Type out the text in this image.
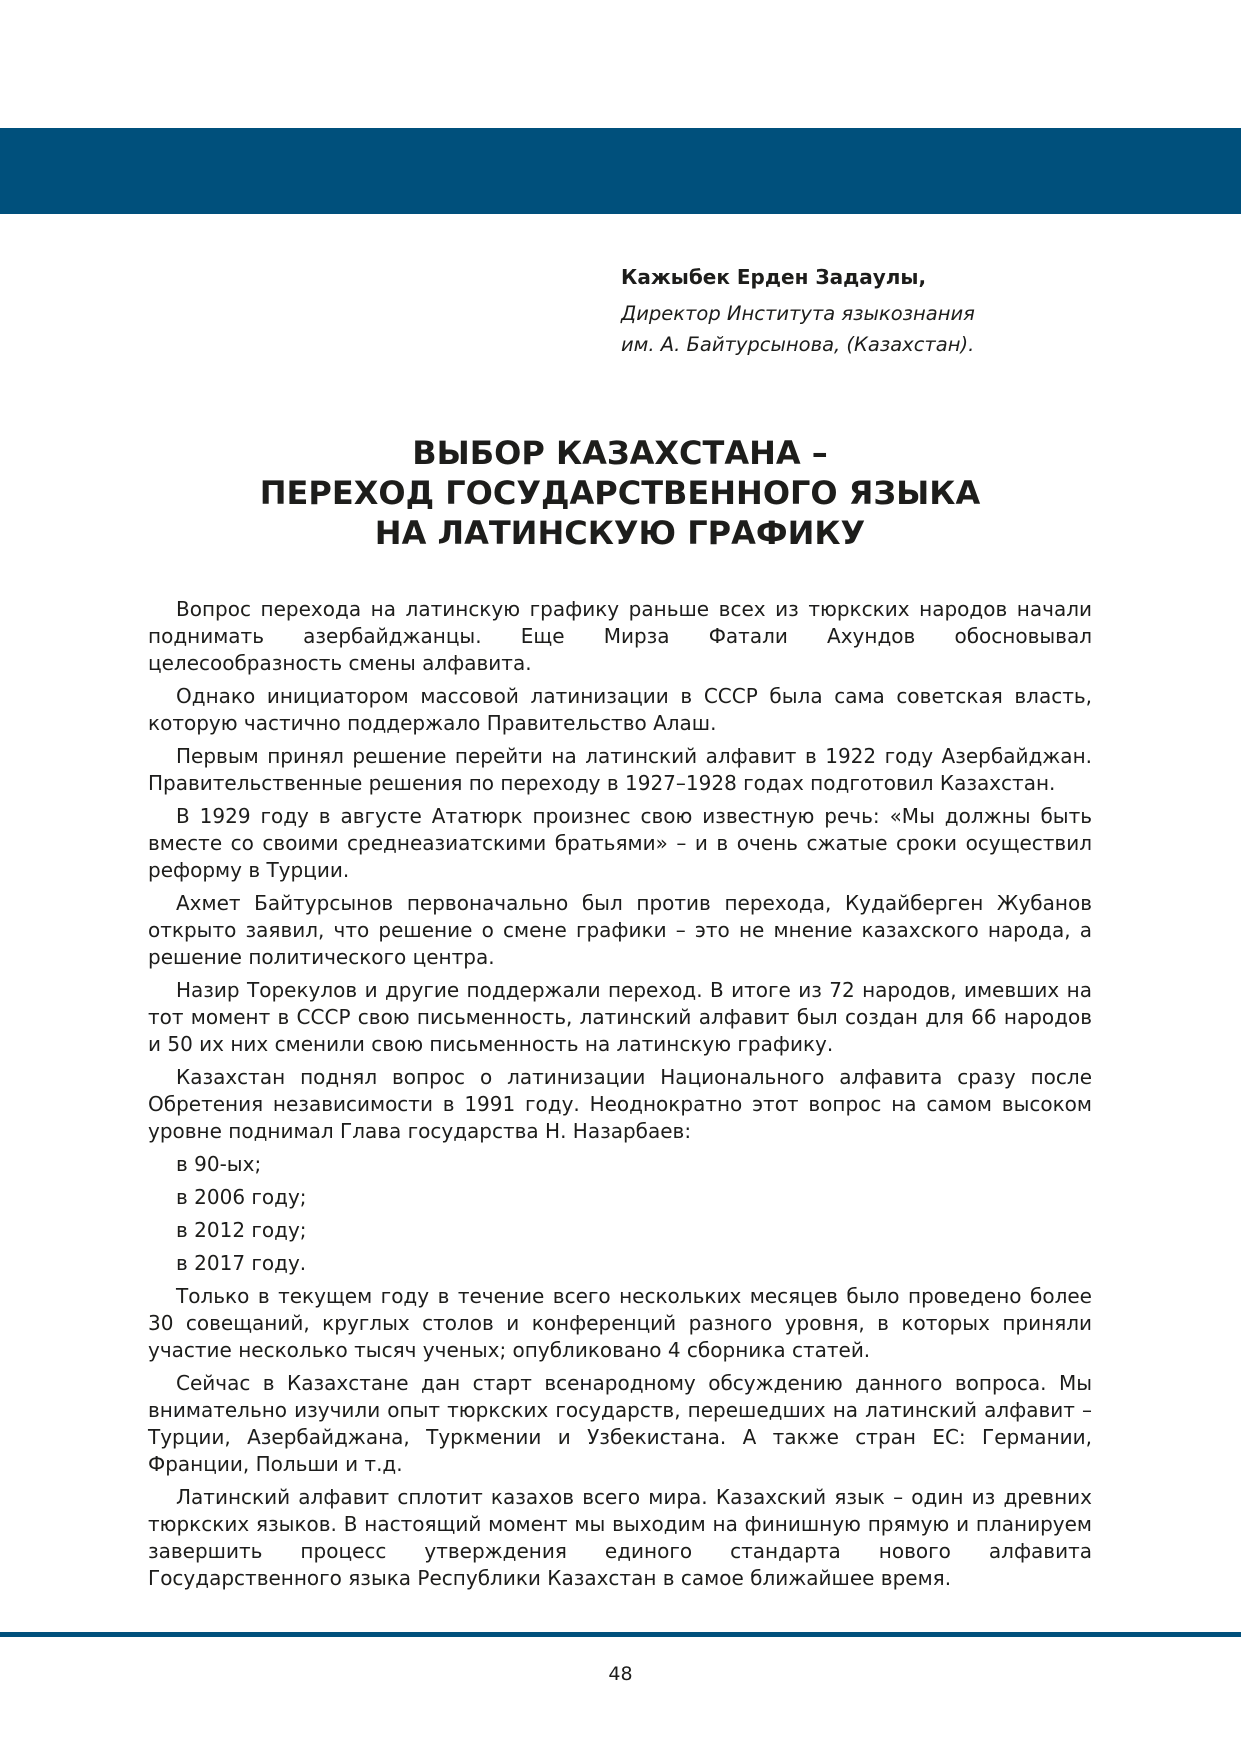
Кажыбек Ерден Задаулы,

Директор Института языкознания

им. А. Байтурсынова, (Казахстан).

ВЫБОР КАЗАХСТАНА –
ПЕРЕХОД ГОСУДАРСТВЕННОГО ЯЗЫКА
НА ЛАТИНСКУЮ ГРАФИКУ

Вопрос перехода на латинскую графику раньше всех из тюркских народов начали поднимать азербайджанцы. Еще Мирза Фатали Ахундов обосновывал целесообразность смены алфавита.

Однако инициатором массовой латинизации в СССР была сама советская власть, которую частично поддержало Правительство Алаш.

Первым принял решение перейти на латинский алфавит в 1922 году Азербайджан. Правительственные решения по переходу в 1927–1928 годах подготовил Казахстан.

В 1929 году в августе Ататюрк произнес свою известную речь: «Мы должны быть вместе со своими среднеазиатскими братьями» – и в очень сжатые сроки осуществил реформу в Турции.

Ахмет Байтурсынов первоначально был против перехода, Кудайберген Жубанов открыто заявил, что решение о смене графики – это не мнение казахского народа, а решение политического центра.

Назир Торекулов и другие поддержали переход. В итоге из 72 народов, имевших на тот момент в СССР свою письменность, латинский алфавит был создан для 66 народов и 50 их них сменили свою письменность на латинскую графику.

Казахстан поднял вопрос о латинизации Национального алфавита сразу после Обретения независимости в 1991 году. Неоднократно этот вопрос на самом высоком уровне поднимал Глава государства Н. Назарбаев:

в 90-ых;
в 2006 году;
в 2012 году;
в 2017 году.

Только в текущем году в течение всего нескольких месяцев было проведено более 30 совещаний, круглых столов и конференций разного уровня, в которых приняли участие несколько тысяч ученых; опубликовано 4 сборника статей.

Сейчас в Казахстане дан старт всенародному обсуждению данного вопроса. Мы внимательно изучили опыт тюркских государств, перешедших на латинский алфавит – Турции, Азербайджана, Туркмении и Узбекистана. А также стран ЕС: Германии, Франции, Польши и т.д.

Латинский алфавит сплотит казахов всего мира. Казахский язык – один из древних тюркских языков. В настоящий момент мы выходим на финишную прямую и планируем завершить процесс утверждения единого стандарта нового алфавита Государственного языка Республики Казахстан в самое ближайшее время.

48
